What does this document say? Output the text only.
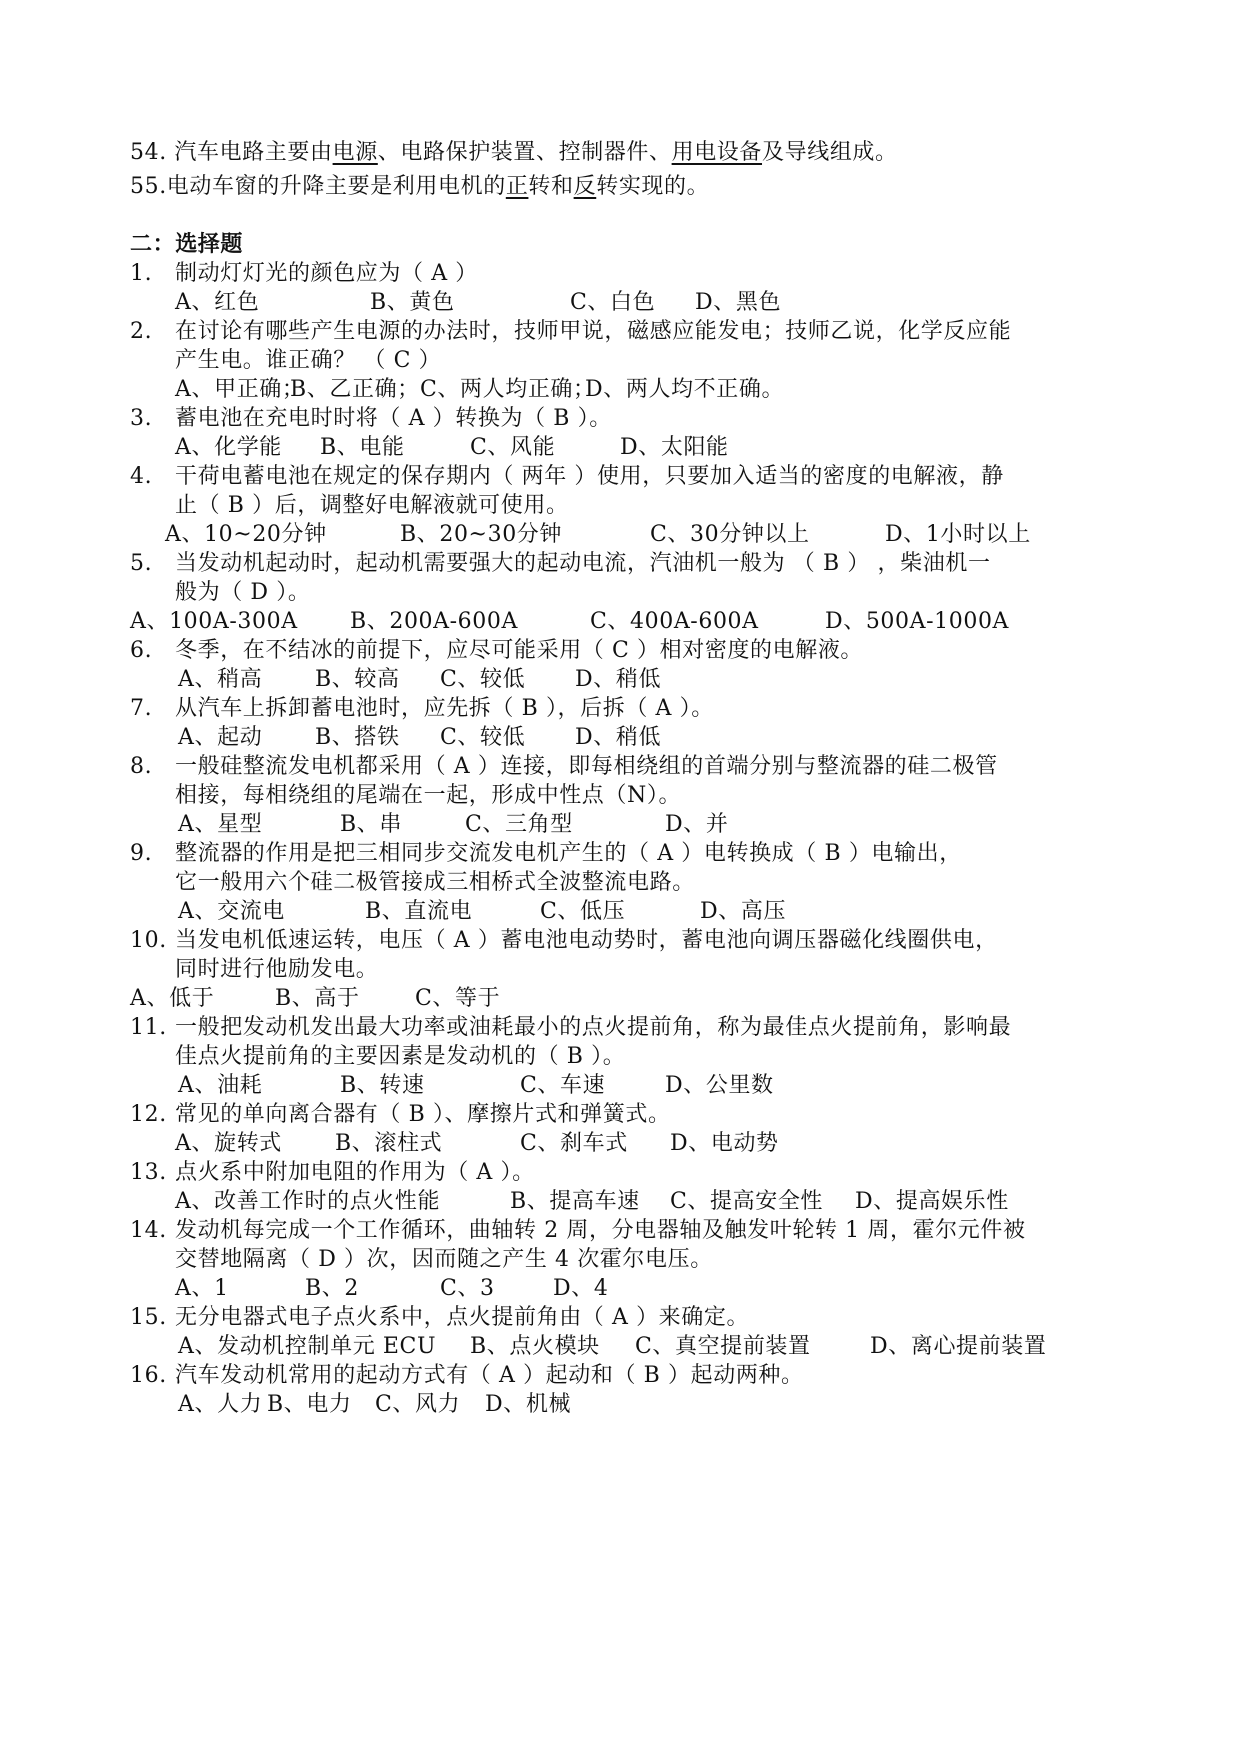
54. 汽车电路主要由电源、电路保护装置、控制器件、用电设备及导线组成。
55.电动车窗的升降主要是利用电机的正转和反转实现的。
二：选择题
1. 制动灯灯光的颜色应为（ A ）
A、红色	B、黄色	C、白色 D、黑色
2. 在讨论有哪些产生电源的办法时，技师甲说，磁感应能发电；技师乙说，化学反应能
产生电。谁正确？ （ C ）
A、甲正确；
B、乙正确； C、两人均正确；
D、两人均不正确。
3. 蓄电池在充电时时将（ A ）转换为（ B ）。
A、化学能 B、电能	C、风能	D、太阳能
4. 干荷电蓄电池在规定的保存期内（ 两年 ）使用，只要加入适当的密度的电解液，静
止（ B ）后，调整好电解液就可使用。
A、10~20分钟	B、20~30分钟	C、30分钟以上	D、1小时以上
5. 当发动机起动时，起动机需要强大的起动电流，汽油机一般为 （ B ） ，柴油机一
般为（ D ）。
A、100A-300A B、200A-600A	C、400A-600A	D、500A-1000A
6. 冬季，在不结冰的前提下，应尽可能采用（ C ）相对密度的电解液。
A、稍高 B、较高 C、较低 D、稍低
7. 从汽车上拆卸蓄电池时，应先拆（ B ），后拆（ A ）。
A、起动 B、搭铁 C、较低 D、稍低
8. 一般硅整流发电机都采用（ A ）连接，即每相绕组的首端分别与整流器的硅二极管
相接，每相绕组的尾端在一起，形成中性点（N）。
A、星型	B、串	C、三角型	D、并
9. 整流器的作用是把三相同步交流发电机产生的（ A ）电转换成（ B ）电输出，
它一般用六个硅二极管接成三相桥式全波整流电路。
A、交流电	B、直流电	C、低压	D、高压
10. 当发电机低速运转，电压（ A ）蓄电池电动势时，蓄电池向调压器磁化线圈供电，
同时进行他励发电。
A、低于	B、高于	C、等于
11. 一般把发动机发出最大功率或油耗最小的点火提前角，称为最佳点火提前角，影响最
佳点火提前角的主要因素是发动机的（ B ）。
A、油耗	B、转速	C、车速	D、公里数
12. 常见的单向离合器有（ B ）、摩擦片式和弹簧式。
A、旋转式 B、滚柱式	C、刹车式 D、电动势
13. 点火系中附加电阻的作用为（ A ）。
A、改善工作时的点火性能	B、提高车速 C、提高安全性 D、提高娱乐性
14. 发动机每完成一个工作循环，曲轴转 2 周，分电器轴及触发叶轮转 1 周，霍尔元件被
交替地隔离（ D ）次，因而随之产生 4 次霍尔电压。
A、1	B、2	C、3	D、4
15. 无分电器式电子点火系中，点火提前角由（ A ）来确定。
A、发动机控制单元 ECU B、点火模块 C、真空提前装置	D、离心提前装置
16. 汽车发动机常用的起动方式有（ A ）起动和（ B ）起动两种。
A、人力 B、电力 C、风力 D、机械
